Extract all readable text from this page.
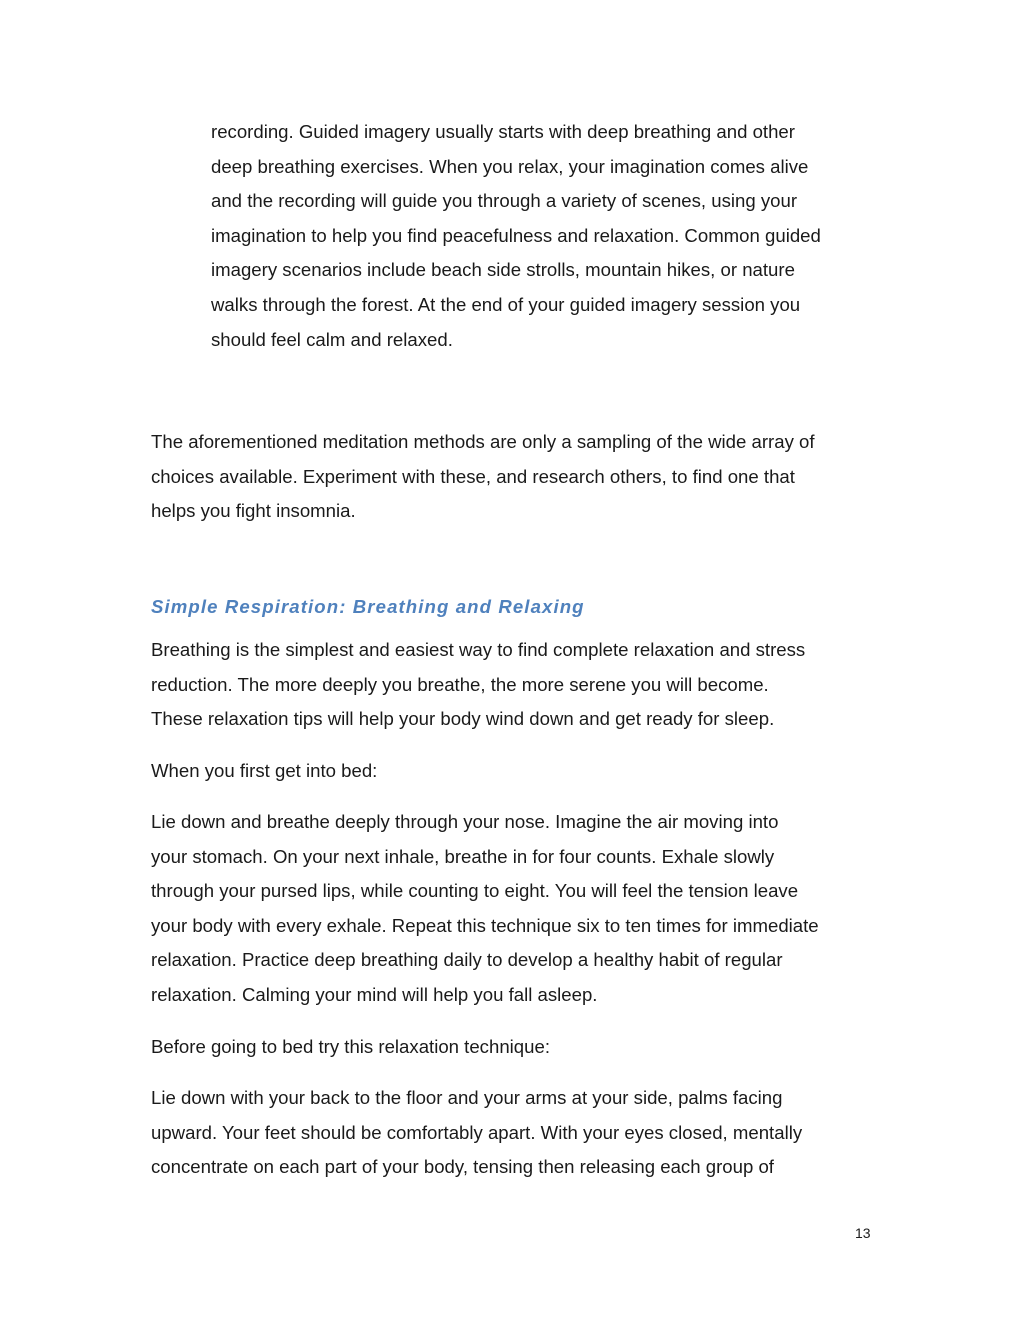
recording. Guided imagery usually starts with deep breathing and other
deep breathing exercises. When you relax, your imagination comes alive
and the recording will guide you through a variety of scenes, using your
imagination to help you find peacefulness and relaxation. Common guided
imagery scenarios include beach side strolls, mountain hikes, or nature
walks through the forest. At the end of your guided imagery session you
should feel calm and relaxed.
The aforementioned meditation methods are only a sampling of the wide array of
choices available. Experiment with these, and research others, to find one that
helps you fight insomnia.
Simple Respiration: Breathing and Relaxing
Breathing is the simplest and easiest way to find complete relaxation and stress
reduction. The more deeply you breathe, the more serene you will become.
These relaxation tips will help your body wind down and get ready for sleep.
When you first get into bed:
Lie down and breathe deeply through your nose. Imagine the air moving into
your stomach. On your next inhale, breathe in for four counts. Exhale slowly
through your pursed lips, while counting to eight. You will feel the tension leave
your body with every exhale. Repeat this technique six to ten times for immediate
relaxation. Practice deep breathing daily to develop a healthy habit of regular
relaxation. Calming your mind will help you fall asleep.
Before going to bed try this relaxation technique:
Lie down with your back to the floor and your arms at your side, palms facing
upward. Your feet should be comfortably apart. With your eyes closed, mentally
concentrate on each part of your body, tensing then releasing each group of
13
